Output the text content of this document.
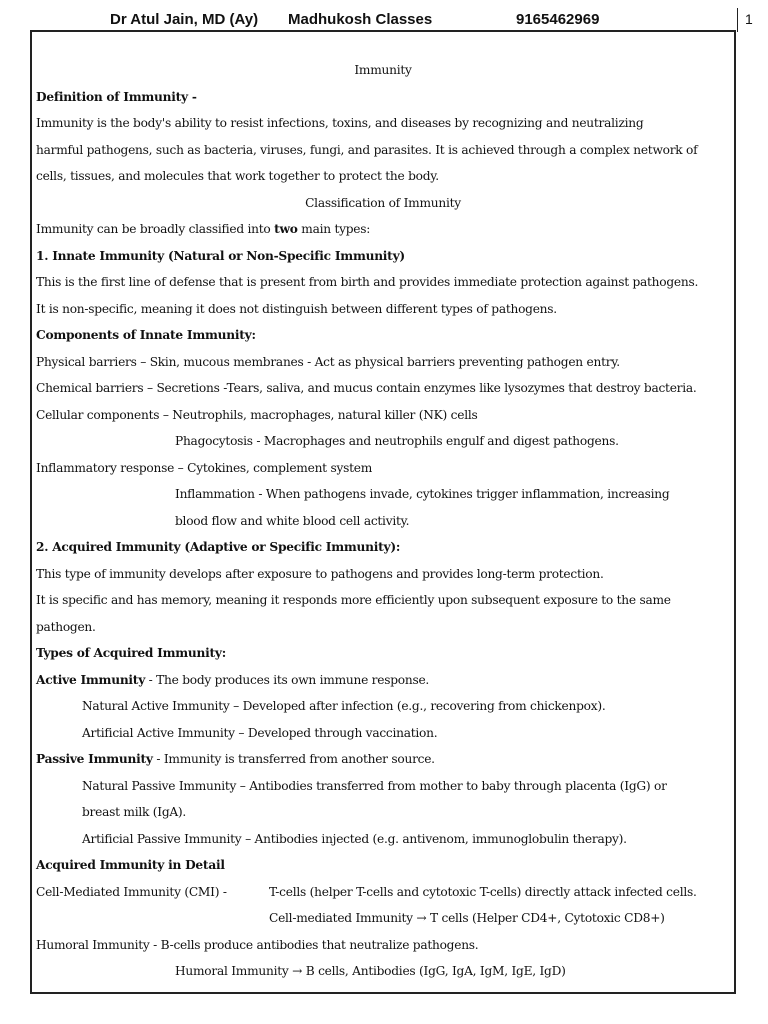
Dr Atul Jain, MD (Ay) Madhukosh Classes	9165462969	1
Immunity
Definition of Immunity -
Immunity is the body's ability to resist infections, toxins, and diseases by recognizing and neutralizing
harmful pathogens, such as bacteria, viruses, fungi, and parasites. It is achieved through a complex network of
cells, tissues, and molecules that work together to protect the body.
Classification of Immunity
Immunity can be broadly classified into two main types:
1. Innate Immunity (Natural or Non-Specific Immunity)
This is the first line of defense that is present from birth and provides immediate protection against pathogens.
It is non-specific, meaning it does not distinguish between different types of pathogens.
Components of Innate Immunity:
Physical barriers – Skin, mucous membranes - Act as physical barriers preventing pathogen entry.
Chemical barriers – Secretions -Tears, saliva, and mucus contain enzymes like lysozymes that destroy bacteria.
Cellular components – Neutrophils, macrophages, natural killer (NK) cells
Phagocytosis - Macrophages and neutrophils engulf and digest pathogens.
Inflammatory response – Cytokines, complement system
Inflammation - When pathogens invade, cytokines trigger inflammation, increasing
blood flow and white blood cell activity.
2. Acquired Immunity (Adaptive or Specific Immunity):
This type of immunity develops after exposure to pathogens and provides long-term protection.
It is specific and has memory, meaning it responds more efficiently upon subsequent exposure to the same
pathogen.
Types of Acquired Immunity:
Active Immunity - The body produces its own immune response.
Natural Active Immunity – Developed after infection (e.g., recovering from chickenpox).
Artificial Active Immunity – Developed through vaccination.
Passive Immunity - Immunity is transferred from another source.
Natural Passive Immunity – Antibodies transferred from mother to baby through placenta (IgG) or
breast milk (IgA).
Artificial Passive Immunity – Antibodies injected (e.g. antivenom, immunoglobulin therapy).
Acquired Immunity in Detail
Cell-Mediated Immunity (CMI) -	T-cells (helper T-cells and cytotoxic T-cells) directly attack infected cells.
Cell-mediated Immunity → T cells (Helper CD4+, Cytotoxic CD8+)
Humoral Immunity - B-cells produce antibodies that neutralize pathogens.
Humoral Immunity → B cells, Antibodies (IgG, IgA, IgM, IgE, IgD)
